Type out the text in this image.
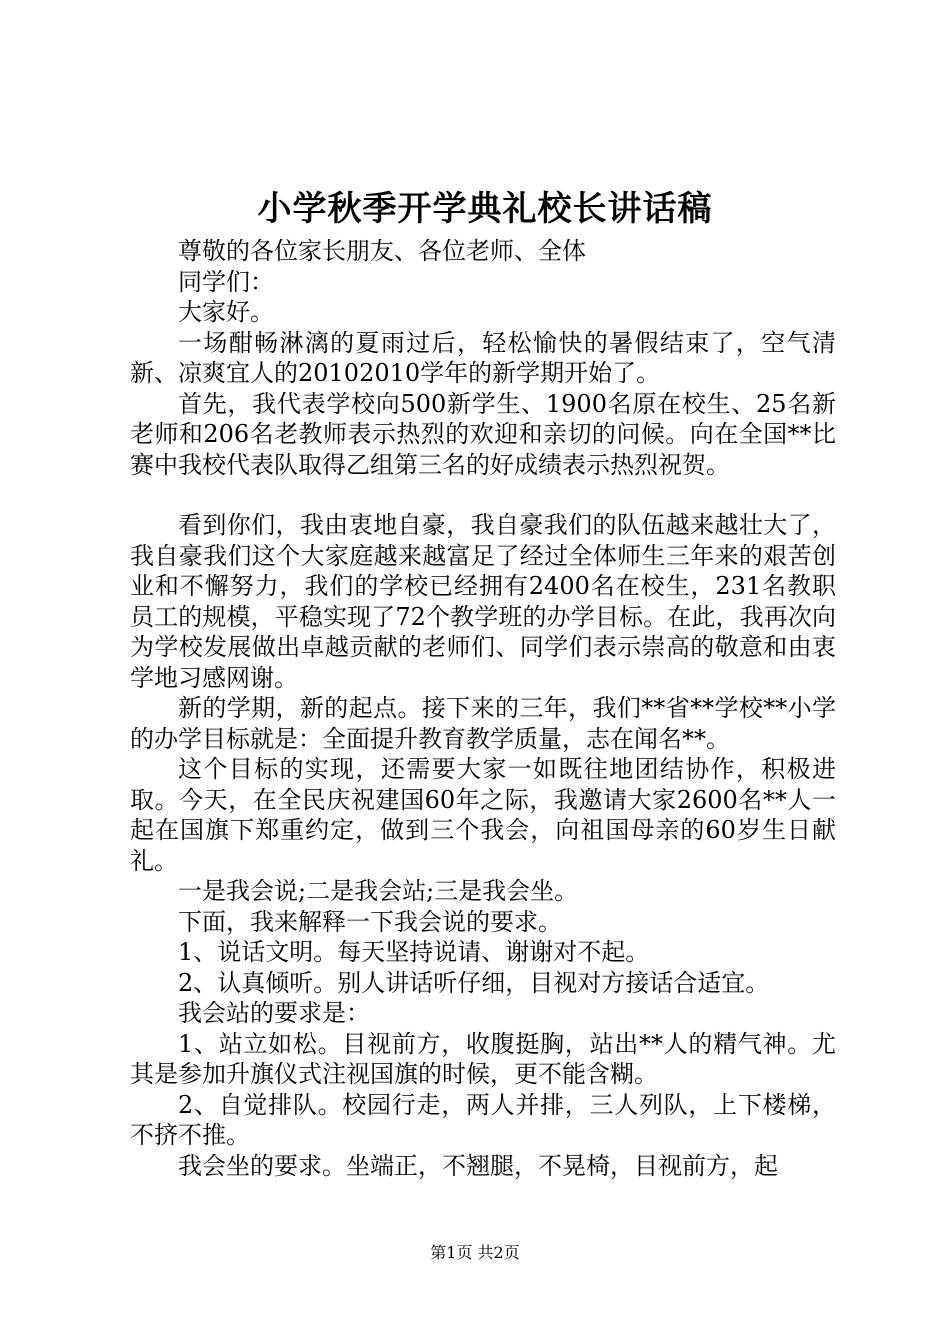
小学秋季开学典礼校长讲话稿

尊敬的各位家长朋友、各位老师、全体

同学们：

大家好。

一场酣畅淋漓的夏雨过后，轻松愉快的暑假结束了，空气清新、凉爽宜人的20102010学年的新学期开始了。

首先，我代表学校向500新学生、1900名原在校生、25名新老师和206名老教师表示热烈的欢迎和亲切的问候。向在全国**比赛中我校代表队取得乙组第三名的好成绩表示热烈祝贺。

看到你们，我由衷地自豪，我自豪我们的队伍越来越壮大了，我自豪我们这个大家庭越来越富足了经过全体师生三年来的艰苦创业和不懈努力，我们的学校已经拥有2400名在校生，231名教职员工的规模，平稳实现了72个教学班的办学目标。在此，我再次向为学校发展做出卓越贡献的老师们、同学们表示崇高的敬意和由衷学地习感网谢。

新的学期，新的起点。接下来的三年，我们**省**学校**小学的办学目标就是：全面提升教育教学质量，志在闻名**。

这个目标的实现，还需要大家一如既往地团结协作，积极进取。今天，在全民庆祝建国60年之际，我邀请大家2600名**人一起在国旗下郑重约定，做到三个我会，向祖国母亲的60岁生日献礼。

一是我会说;二是我会站;三是我会坐。

下面，我来解释一下我会说的要求。

1、说话文明。每天坚持说请、谢谢对不起。

2、认真倾听。别人讲话听仔细，目视对方接话合适宜。

我会站的要求是：

1、站立如松。目视前方，收腹挺胸，站出**人的精气神。尤其是参加升旗仪式注视国旗的时候，更不能含糊。

2、自觉排队。校园行走，两人并排，三人列队，上下楼梯，不挤不推。

我会坐的要求。坐端正，不翘腿，不晃椅，目视前方，起

第1页 共2页
